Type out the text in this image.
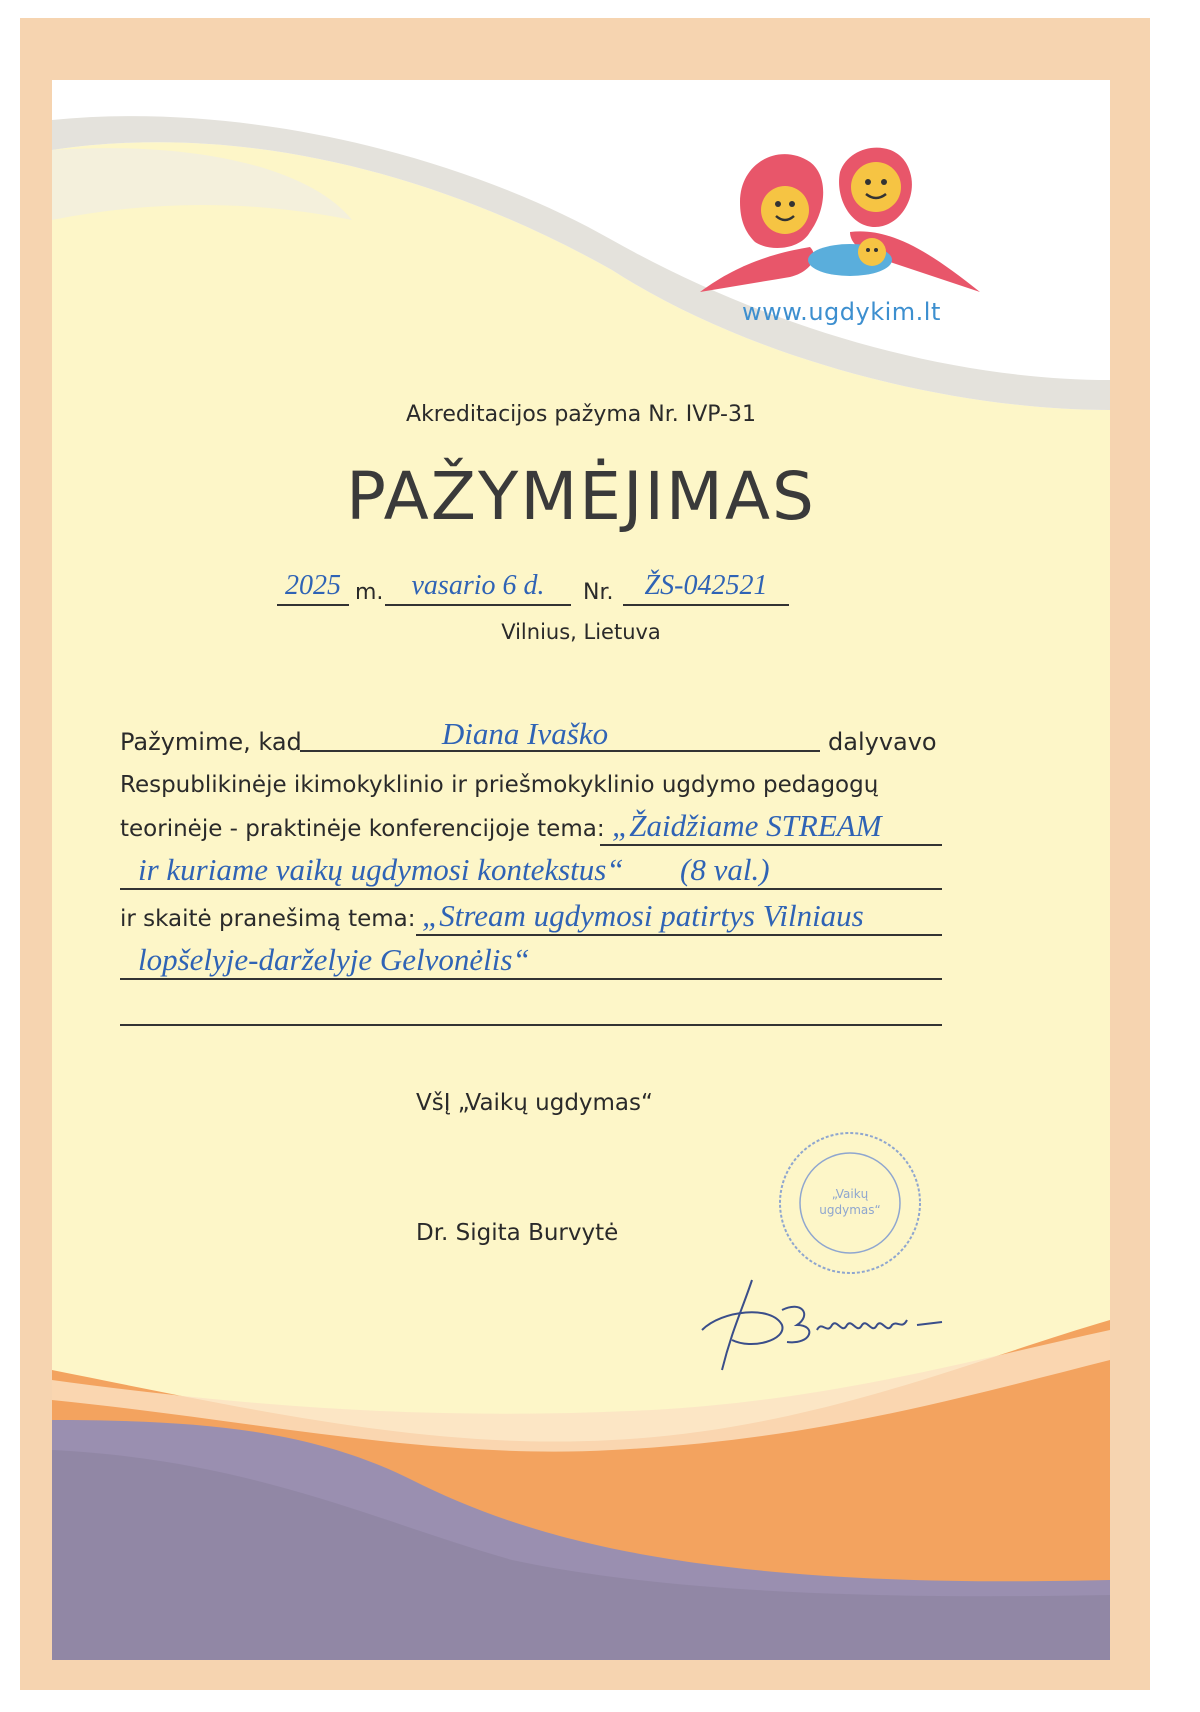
www.ugdykim.lt
Akreditacijos pažyma Nr. IVP-31
PAŽYMĖJIMAS
2025 m.	vasario 6 d.	Nr.	ŽS-042521
Vilnius, Lietuva
Pažymime, kad	Diana Ivaško	dalyvavo
Respublikinėje ikimokyklinio ir priešmokyklinio ugdymo pedagogų
teorinėje - praktinėje konferencijoje tema: „Žaidžiame STREAM
ir kuriame vaikų ugdymosi kontekstus“ (8 val.)
ir skaitė pranešimą tema: „Stream ugdymosi patirtys Vilniaus
lopšelyje-darželyje Gelvonėlis“
VšĮ „Vaikų ugdymas“
Dr. Sigita Burvytė
„Vaikų
ugdymas“
